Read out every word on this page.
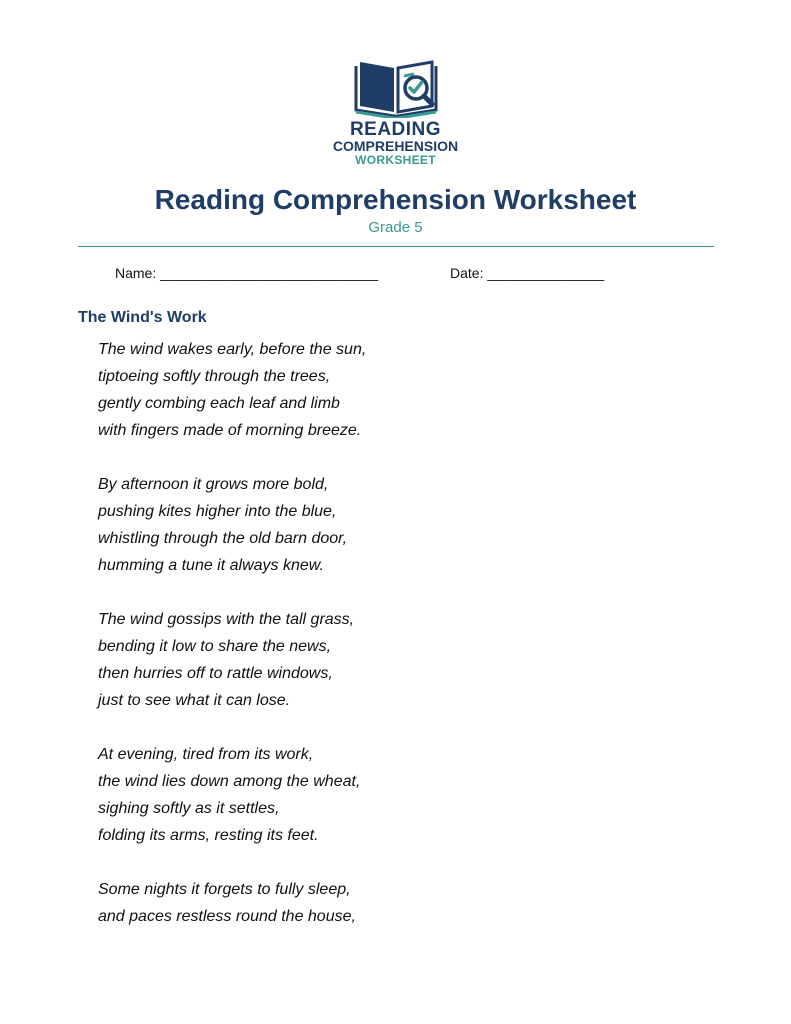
READING
COMPREHENSION
WORKSHEET
Reading Comprehension Worksheet
Grade 5
Name: ____________________________	Date: _______________
The Wind's Work
The wind wakes early, before the sun,
tiptoeing softly through the trees,
gently combing each leaf and limb
with fingers made of morning breeze.
By afternoon it grows more bold,
pushing kites higher into the blue,
whistling through the old barn door,
humming a tune it always knew.
The wind gossips with the tall grass,
bending it low to share the news,
then hurries off to rattle windows,
just to see what it can lose.
At evening, tired from its work,
the wind lies down among the wheat,
sighing softly as it settles,
folding its arms, resting its feet.
Some nights it forgets to fully sleep,
and paces restless round the house,
